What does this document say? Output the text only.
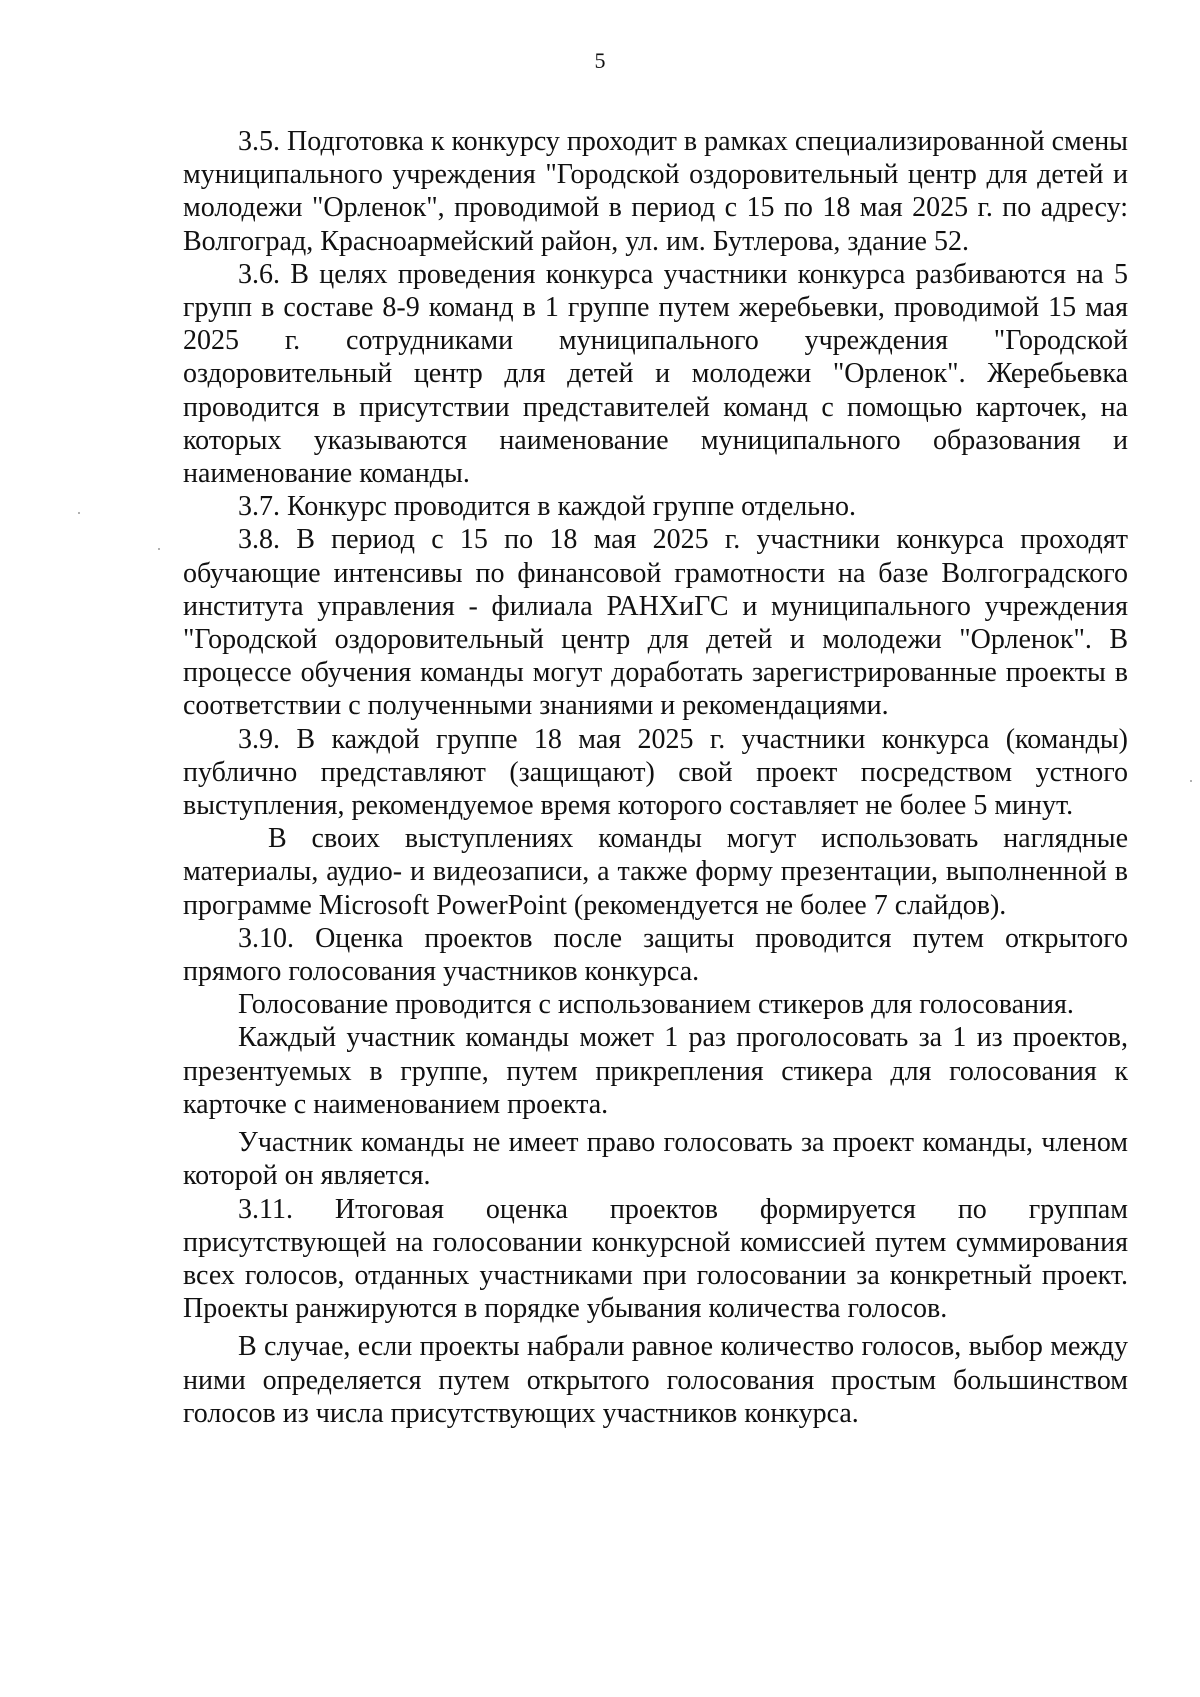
5

3.5. Подготовка к конкурсу проходит в рамках специализированной смены муниципального учреждения "Городской оздоровительный центр для детей и молодежи "Орленок", проводимой в период с 15 по 18 мая 2025 г. по адресу: Волгоград, Красноармейский район, ул. им. Бутлерова, здание 52.

3.6. В целях проведения конкурса участники конкурса разбиваются на 5 групп в составе 8-9 команд в 1 группе путем жеребьевки, проводимой 15 мая 2025 г. сотрудниками муниципального учреждения "Городской оздоровительный центр для детей и молодежи "Орленок". Жеребьевка проводится в присутствии представителей команд с помощью карточек, на которых указываются наименование муниципального образования и наименование команды.

3.7. Конкурс проводится в каждой группе отдельно.

3.8. В период с 15 по 18 мая 2025 г. участники конкурса проходят обучающие интенсивы по финансовой грамотности на базе Волгоградского института управления - филиала РАНХиГС и муниципального учреждения "Городской оздоровительный центр для детей и молодежи "Орленок". В процессе обучения команды могут доработать зарегистрированные проекты в соответствии с полученными знаниями и рекомендациями.

3.9. В каждой группе 18 мая 2025 г. участники конкурса (команды) публично представляют (защищают) свой проект посредством устного выступления, рекомендуемое время которого составляет не более 5 минут.

В своих выступлениях команды могут использовать наглядные материалы, аудио- и видеозаписи, а также форму презентации, выполненной в программе Microsoft PowerPoint (рекомендуется не более 7 слайдов).

3.10. Оценка проектов после защиты проводится путем открытого прямого голосования участников конкурса.

Голосование проводится с использованием стикеров для голосования.

Каждый участник команды может 1 раз проголосовать за 1 из проектов, презентуемых в группе, путем прикрепления стикера для голосования к карточке с наименованием проекта.

Участник команды не имеет право голосовать за проект команды, членом которой он является.

3.11. Итоговая оценка проектов формируется по группам присутствующей на голосовании конкурсной комиссией путем суммирования всех голосов, отданных участниками при голосовании за конкретный проект. Проекты ранжируются в порядке убывания количества голосов.

В случае, если проекты набрали равное количество голосов, выбор между ними определяется путем открытого голосования простым большинством голосов из числа присутствующих участников конкурса.
